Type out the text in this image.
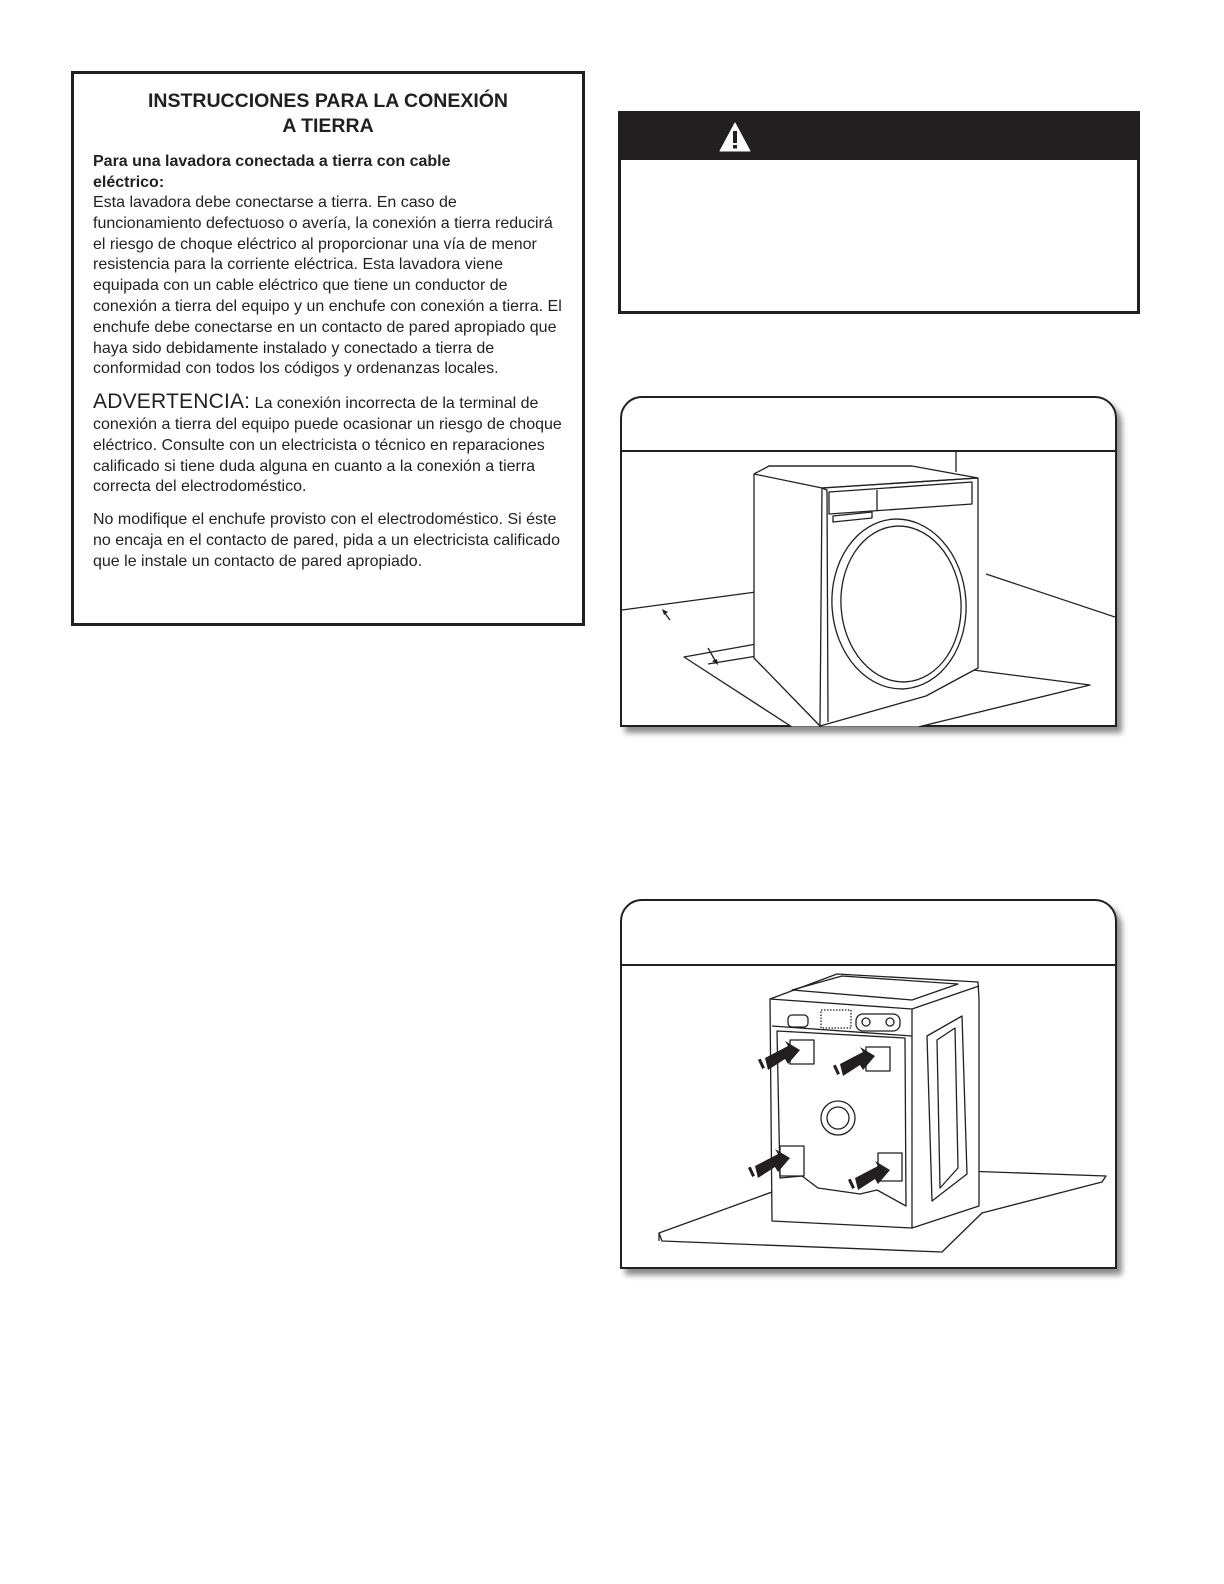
INSTRUCCIONES PARA LA CONEXIÓN
A TIERRA
Para una lavadora conectada a tierra con cable eléctrico:

Esta lavadora debe conectarse a tierra. En caso de funcionamiento defectuoso o avería, la conexión a tierra reducirá el riesgo de choque eléctrico al proporcionar una vía de menor resistencia para la corriente eléctrica. Esta lavadora viene equipada con un cable eléctrico que tiene un conductor de conexión a tierra del equipo y un enchufe con conexión a tierra. El enchufe debe conectarse en un contacto de pared apropiado que haya sido debidamente instalado y conectado a tierra de conformidad con todos los códigos y ordenanzas locales.

ADVERTENCIA: La conexión incorrecta de la terminal de conexión a tierra del equipo puede ocasionar un riesgo de choque eléctrico. Consulte con un electricista o técnico en reparaciones calificado si tiene duda alguna en cuanto a la conexión a tierra correcta del electrodoméstico.

No modifique el enchufe provisto con el electrodoméstico. Si éste no encaja en el contacto de pared, pida a un electricista calificado que le instale un contacto de pared apropiado.
